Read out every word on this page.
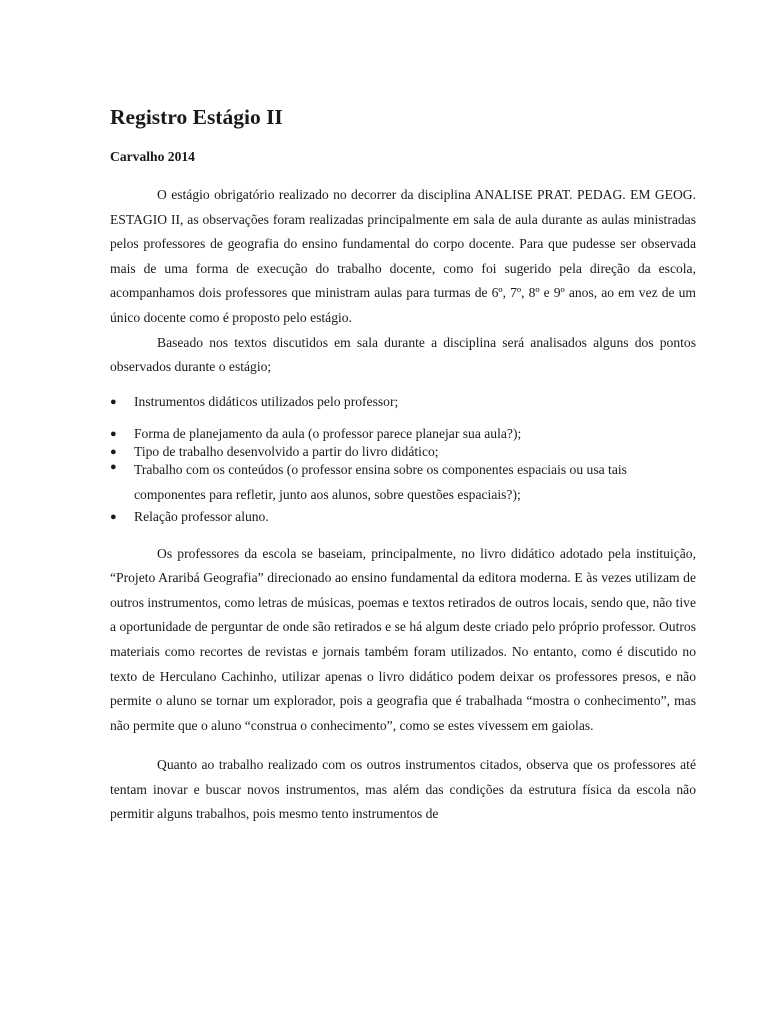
Registro Estágio II
Carvalho 2014

O estágio obrigatório realizado no decorrer da disciplina ANALISE PRAT. PEDAG. EM GEOG. ESTAGIO II, as observações foram realizadas principalmente em sala de aula durante as aulas ministradas pelos professores de geografia do ensino fundamental do corpo docente. Para que pudesse ser observada mais de uma forma de execução do trabalho docente, como foi sugerido pela direção da escola, acompanhamos dois professores que ministram aulas para turmas de 6º, 7º, 8º e 9º anos, ao em vez de um único docente como é proposto pelo estágio.

Baseado nos textos discutidos em sala durante a disciplina será analisados alguns dos pontos observados durante o estágio;

● Instrumentos didáticos utilizados pelo professor;
● Forma de planejamento da aula (o professor parece planejar sua aula?);
● Tipo de trabalho desenvolvido a partir do livro didático;
● Trabalho com os conteúdos (o professor ensina sobre os componentes espaciais ou usa tais componentes para refletir, junto aos alunos, sobre questões espaciais?);
● Relação professor aluno.

Os professores da escola se baseiam, principalmente, no livro didático adotado pela instituição, “Projeto Araribá Geografia” direcionado ao ensino fundamental da editora moderna. E às vezes utilizam de outros instrumentos, como letras de músicas, poemas e textos retirados de outros locais, sendo que, não tive a oportunidade de perguntar de onde são retirados e se há algum deste criado pelo próprio professor. Outros materiais como recortes de revistas e jornais também foram utilizados. No entanto, como é discutido no texto de Herculano Cachinho, utilizar apenas o livro didático podem deixar os professores presos, e não permite o aluno se tornar um explorador, pois a geografia que é trabalhada “mostra o conhecimento”, mas não permite que o aluno “construa o conhecimento”, como se estes vivessem em gaiolas.

Quanto ao trabalho realizado com os outros instrumentos citados, observa que os professores até tentam inovar e buscar novos instrumentos, mas além das condições da estrutura física da escola não permitir alguns trabalhos, pois mesmo tento instrumentos de
